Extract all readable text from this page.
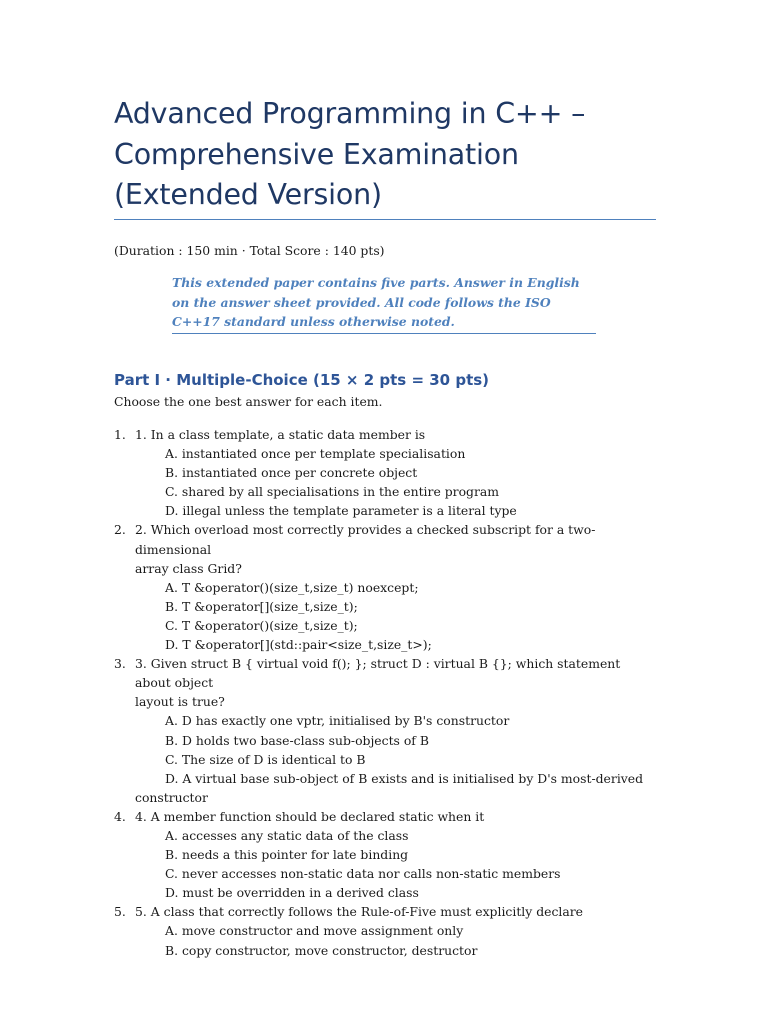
Advanced Programming in C++ – Comprehensive Examination (Extended Version)
(Duration : 150 min · Total Score : 140 pts)
This extended paper contains five parts. Answer in English on the answer sheet provided. All code follows the ISO C++17 standard unless otherwise noted.
Part I · Multiple-Choice (15 × 2 pts = 30 pts)
Choose the one best answer for each item.
1. 1. In a class template, a static data member is
A. instantiated once per template specialisation
B. instantiated once per concrete object
C. shared by all specialisations in the entire program
D. illegal unless the template parameter is a literal type
2. 2. Which overload most correctly provides a checked subscript for a two-dimensional
array class Grid?
A. T &operator()(size_t,size_t) noexcept;
B. T &operator[](size_t,size_t);
C. T &operator()(size_t,size_t);
D. T &operator[](std::pair<size_t,size_t>);
3. 3. Given struct B { virtual void f(); }; struct D : virtual B {}; which statement about object
layout is true?
A. D has exactly one vptr, initialised by B's constructor
B. D holds two base-class sub-objects of B
C. The size of D is identical to B
D. A virtual base sub-object of B exists and is initialised by D's most-derived
constructor
4. 4. A member function should be declared static when it
A. accesses any static data of the class
B. needs a this pointer for late binding
C. never accesses non-static data nor calls non-static members
D. must be overridden in a derived class
5. 5. A class that correctly follows the Rule-of-Five must explicitly declare
A. move constructor and move assignment only
B. copy constructor, move constructor, destructor
